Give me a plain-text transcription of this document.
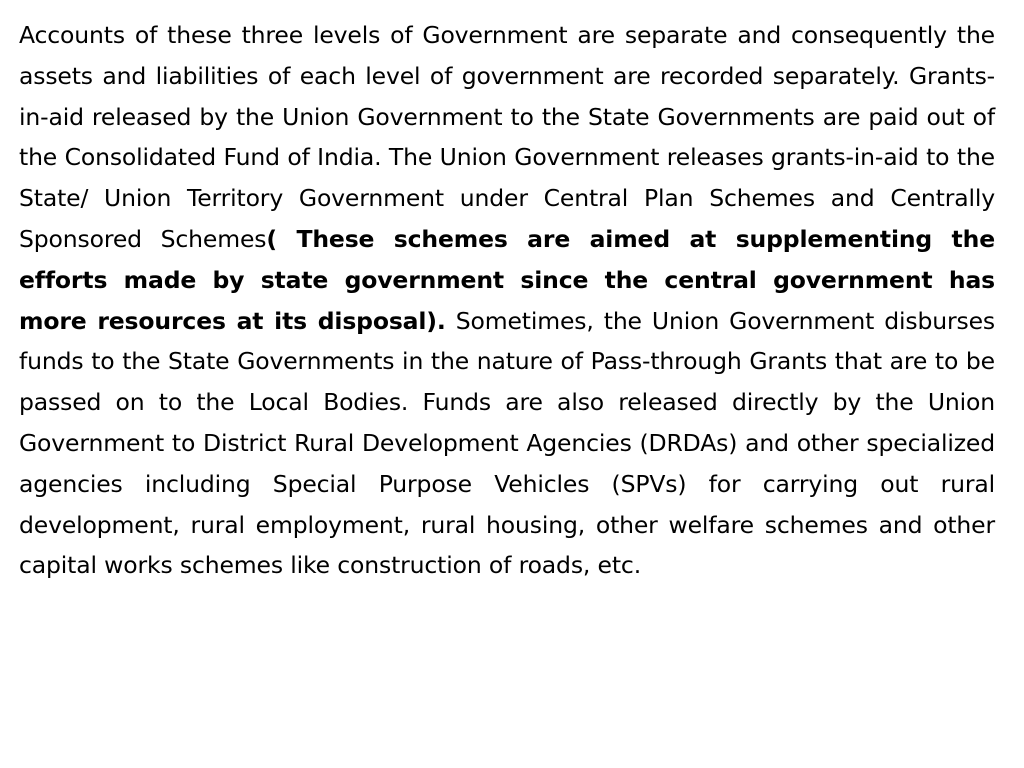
Accounts of these three levels of Government are separate and consequently the assets and liabilities of each level of government are recorded separately. Grants-in-aid released by the Union Government to the State Governments are paid out of the Consolidated Fund of India. The Union Government releases grants-in-aid to the State/ Union Territory Government under Central Plan Schemes and Centrally Sponsored Schemes( These schemes are aimed at supplementing the efforts made by state government since the central government has more resources at its disposal). Sometimes, the Union Government disburses funds to the State Governments in the nature of Pass-through Grants that are to be passed on to the Local Bodies. Funds are also released directly by the Union Government to District Rural Development Agencies (DRDAs) and other specialized agencies including Special Purpose Vehicles (SPVs) for carrying out rural development, rural employment, rural housing, other welfare schemes and other capital works schemes like construction of roads, etc.
